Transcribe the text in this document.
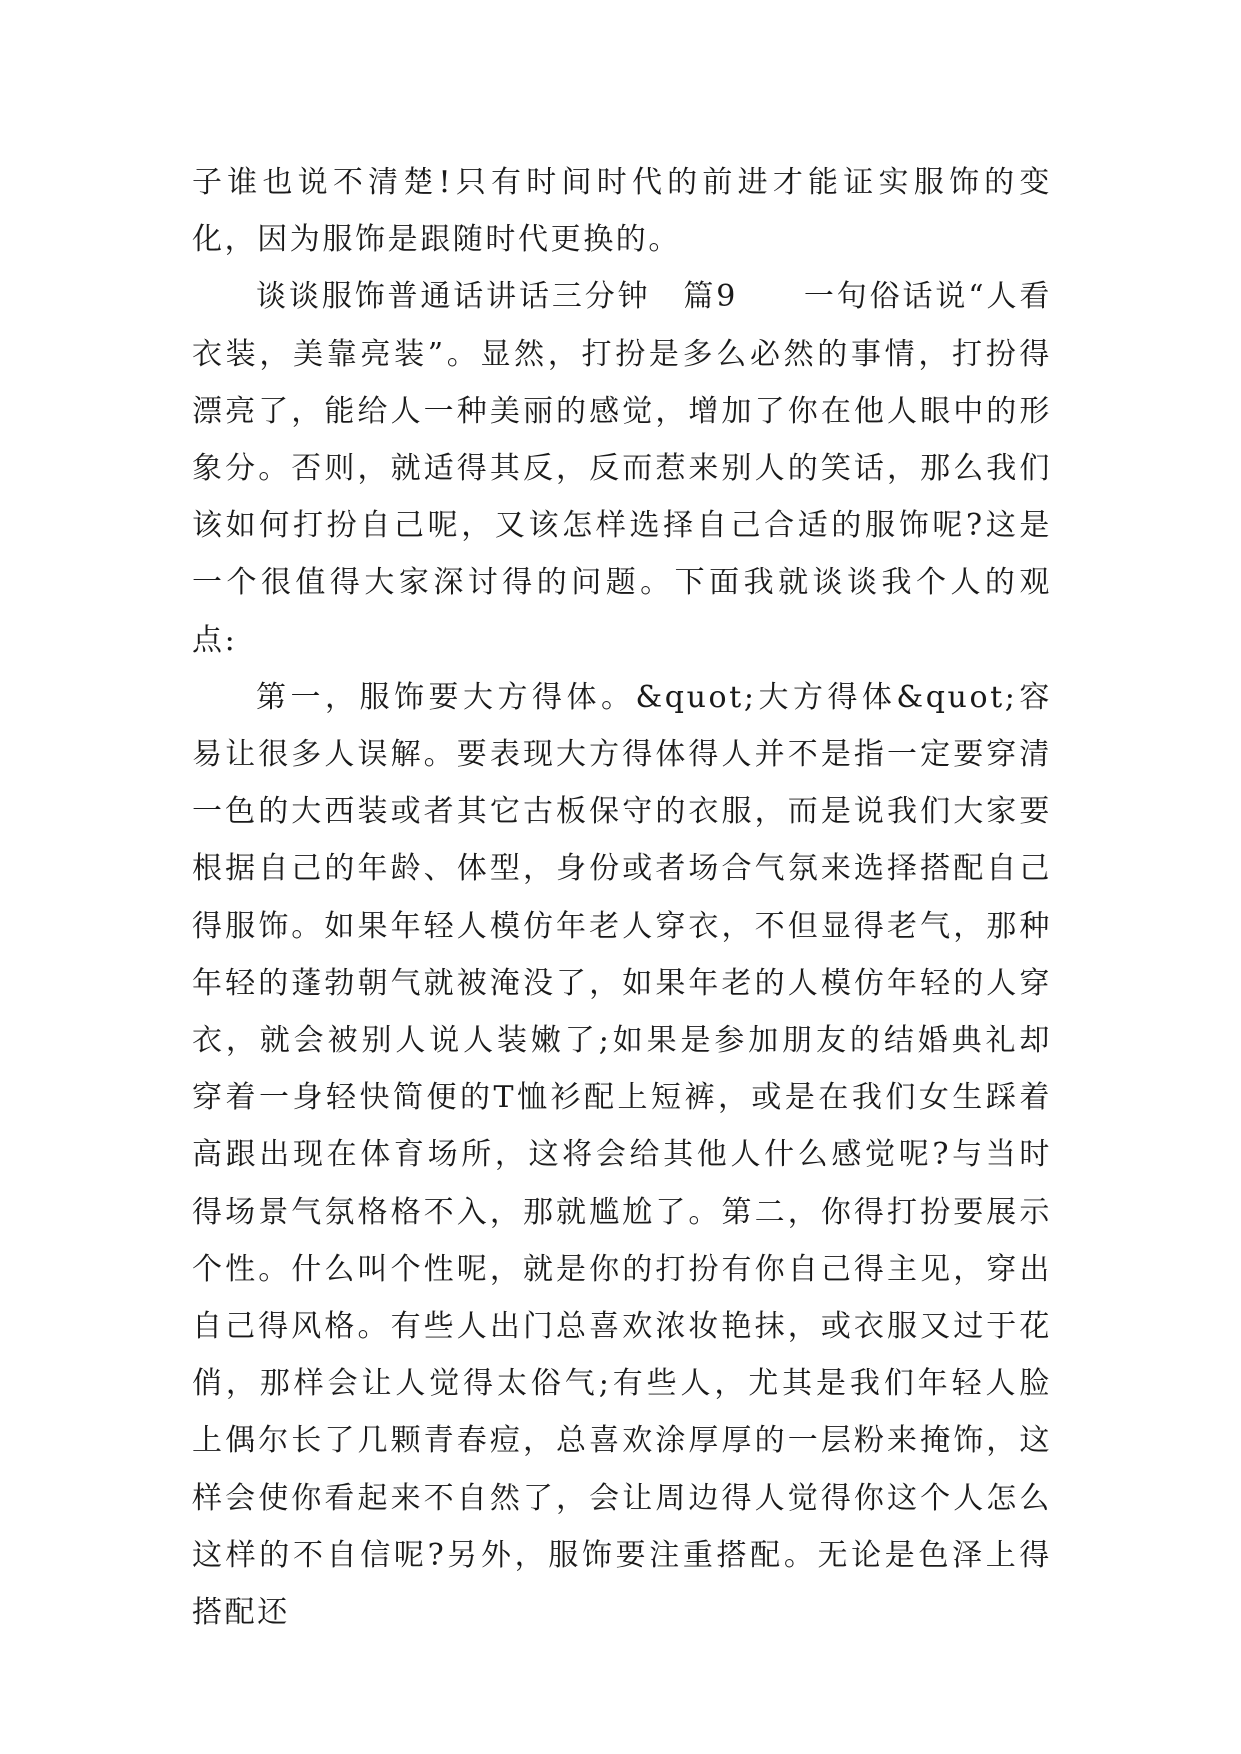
子谁也说不清楚!只有时间时代的前进才能证实服饰的变化，因为服饰是跟随时代更换的。

谈谈服饰普通话讲话三分钟　篇9　　一句俗话说“人看衣装，美靠亮装”。显然，打扮是多么必然的事情，打扮得漂亮了，能给人一种美丽的感觉，增加了你在他人眼中的形象分。否则，就适得其反，反而惹来别人的笑话，那么我们该如何打扮自己呢，又该怎样选择自己合适的服饰呢?这是一个很值得大家深讨得的问题。下面我就谈谈我个人的观点:

第一，服饰要大方得体。&quot;大方得体&quot;容易让很多人误解。要表现大方得体得人并不是指一定要穿清一色的大西装或者其它古板保守的衣服，而是说我们大家要根据自己的年龄、体型，身份或者场合气氛来选择搭配自己得服饰。如果年轻人模仿年老人穿衣，不但显得老气，那种年轻的蓬勃朝气就被淹没了，如果年老的人模仿年轻的人穿衣，就会被别人说人装嫩了;如果是参加朋友的结婚典礼却穿着一身轻快简便的T恤衫配上短裤，或是在我们女生踩着高跟出现在体育场所，这将会给其他人什么感觉呢?与当时得场景气氛格格不入，那就尴尬了。第二，你得打扮要展示个性。什么叫个性呢，就是你的打扮有你自己得主见，穿出自己得风格。有些人出门总喜欢浓妆艳抹，或衣服又过于花俏，那样会让人觉得太俗气;有些人，尤其是我们年轻人脸上偶尔长了几颗青春痘，总喜欢涂厚厚的一层粉来掩饰，这样会使你看起来不自然了，会让周边得人觉得你这个人怎么这样的不自信呢?另外，服饰要注重搭配。无论是色泽上得搭配还
